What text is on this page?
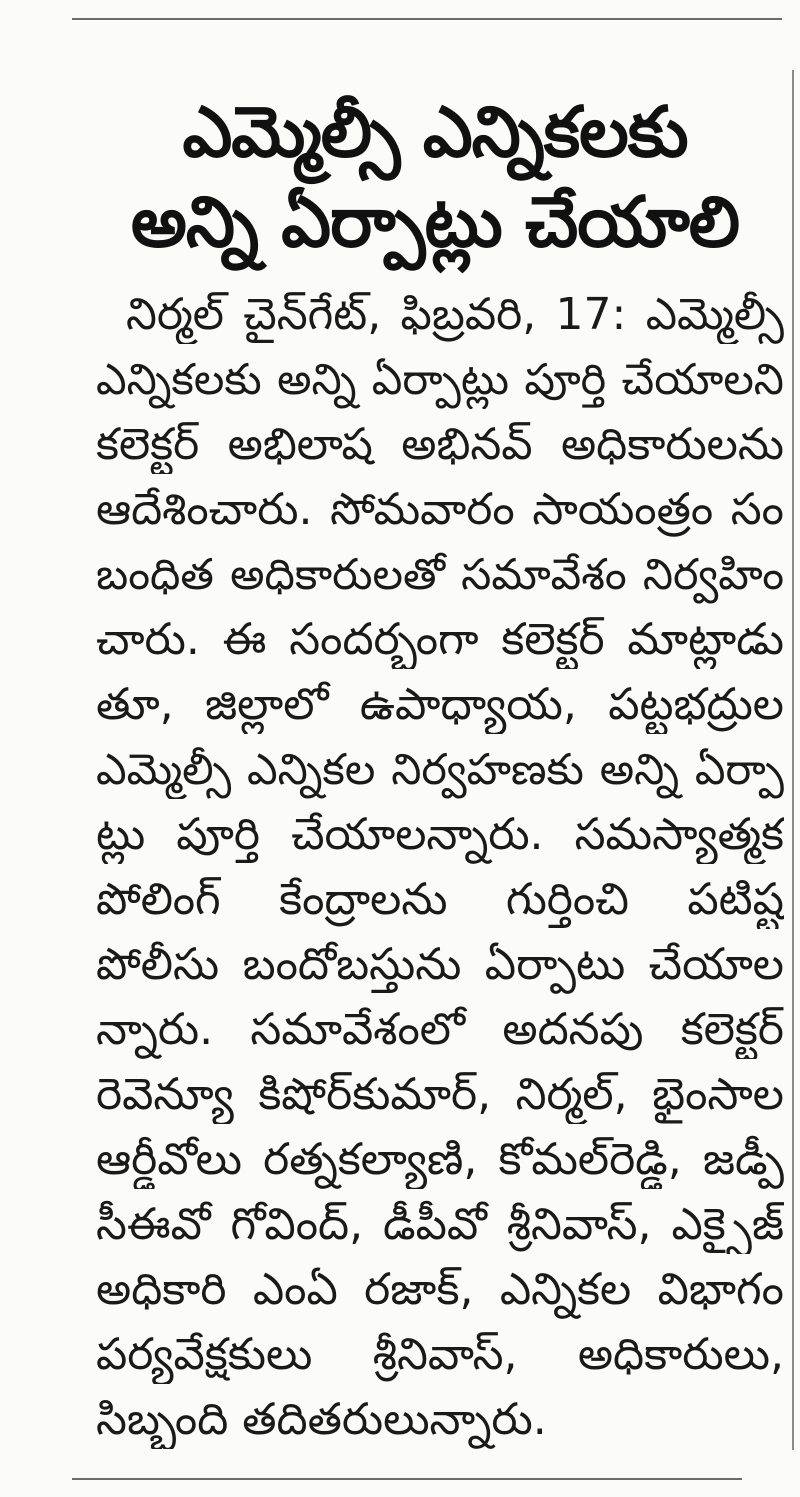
ఎమ్మెల్సీ ఎన్నికలకు
అన్ని ఏర్పాట్లు చేయాలి
నిర్మల్ చైన్‌గేట్, ఫిబ్రవరి, 17: ఎమ్మెల్సీ
ఎన్నికలకు అన్ని ఏర్పాట్లు పూర్తి చేయాలని
కలెక్టర్ అభిలాష అభినవ్ అధికారులను
ఆదేశించారు. సోమవారం సాయంత్రం సం
బంధిత అధికారులతో సమావేశం నిర్వహిం
చారు. ఈ సందర్భంగా కలెక్టర్ మాట్లాడు
తూ, జిల్లాలో ఉపాధ్యాయ, పట్టభద్రుల
ఎమ్మెల్సీ ఎన్నికల నిర్వహణకు అన్ని ఏర్పా
ట్లు పూర్తి చేయాలన్నారు. సమస్యాత్మక
పోలింగ్ కేంద్రాలను గుర్తించి పటిష్ట
పోలీసు బందోబస్తును ఏర్పాటు చేయాల
న్నారు. సమావేశంలో అదనపు కలెక్టర్
రెవెన్యూ కిషోర్‌కుమార్, నిర్మల్, భైంసాల
ఆర్డీవోలు రత్నకల్యాణి, కోమల్‌రెడ్డి, జడ్పీ
సీఈవో గోవింద్, డీపీవో శ్రీనివాస్, ఎక్సైజ్
అధికారి ఎంఏ రజాక్, ఎన్నికల విభాగం
పర్యవేక్షకులు శ్రీనివాస్, అధికారులు,
సిబ్బంది తదితరులున్నారు.
